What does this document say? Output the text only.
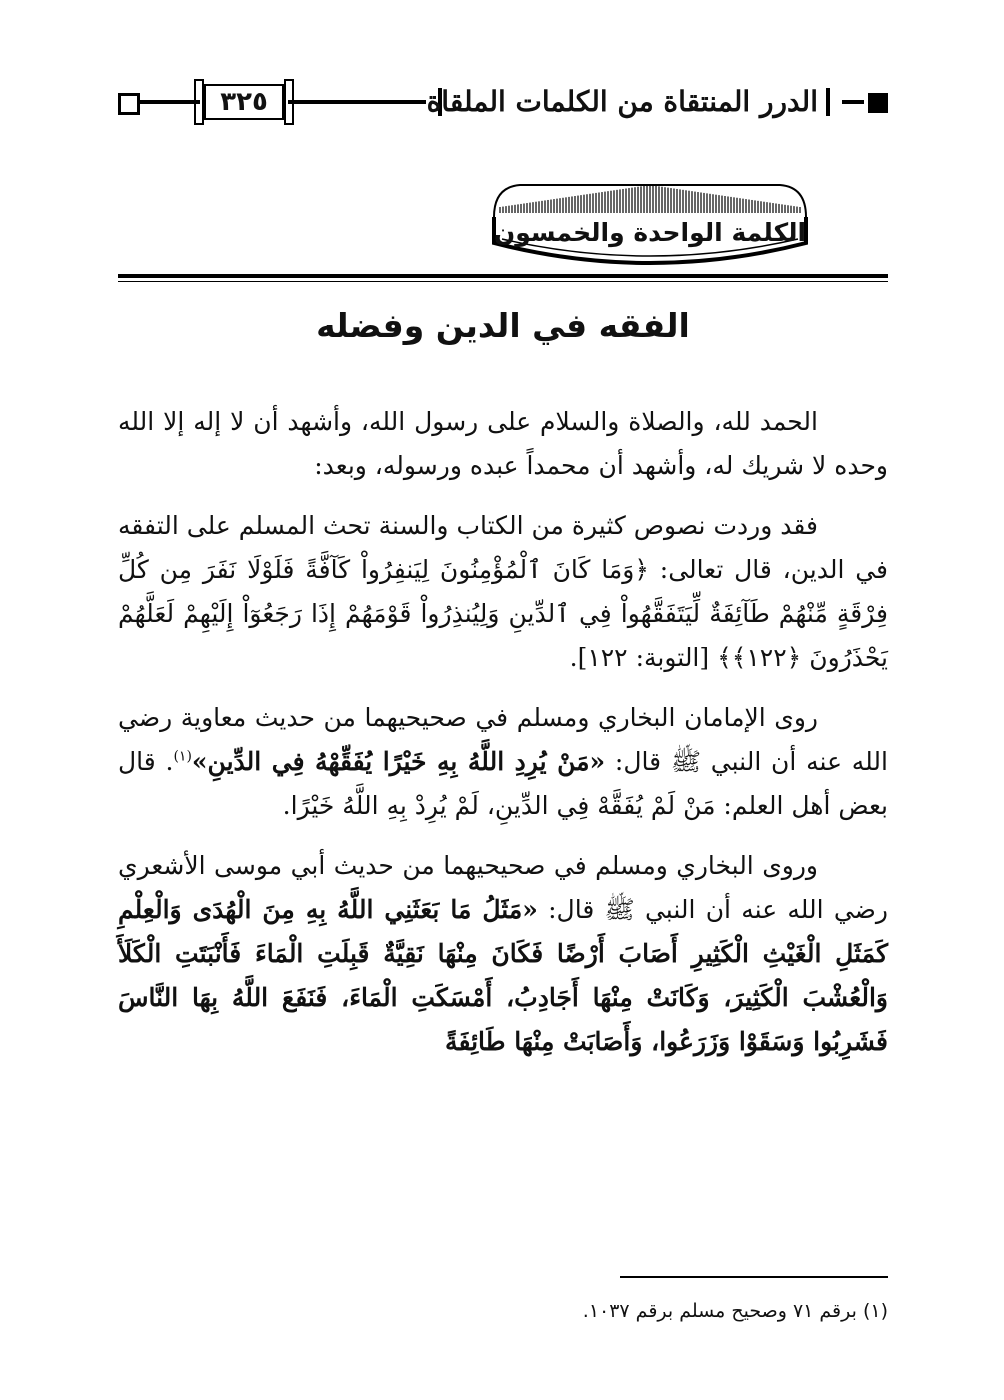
٣٢٥	الدرر المنتقاة من الكلمات الملقاة
الكلمة الواحدة والخمسون
الفقه في الدين وفضله

الحمد لله، والصلاة والسلام على رسول الله، وأشهد أن لا إله إلا الله وحده لا شريك له، وأشهد أن محمداً عبده ورسوله، وبعد:

فقد وردت نصوص كثيرة من الكتاب والسنة تحث المسلم على التفقه في الدين، قال تعالى: ﴿وَمَا كَانَ ٱلْمُؤْمِنُونَ لِيَنفِرُواْ كَآفَّةً فَلَوْلَا نَفَرَ مِن كُلِّ فِرْقَةٍ مِّنْهُمْ طَآئِفَةٌ لِّيَتَفَقَّهُواْ فِي ٱلدِّينِ وَلِيُنذِرُواْ قَوْمَهُمْ إِذَا رَجَعُوٓاْ إِلَيْهِمْ لَعَلَّهُمْ يَحْذَرُونَ ﴿١٢٢﴾﴾ [التوبة: ١٢٢].

روى الإمامان البخاري ومسلم في صحيحيهما من حديث معاوية رضي الله عنه أن النبي ﷺ قال: «مَنْ يُرِدِ اللَّهُ بِهِ خَيْرًا يُفَقِّهْهُ فِي الدِّينِ»$^{(١)}$. قال بعض أهل العلم: مَنْ لَمْ يُفَقَّهْ فِي الدِّينِ، لَمْ يُرِدْ بِهِ اللَّهُ خَيْرًا.

وروى البخاري ومسلم في صحيحيهما من حديث أبي موسى الأشعري رضي الله عنه أن النبي ﷺ قال: «مَثَلُ مَا بَعَثَنِي اللَّهُ بِهِ مِنَ الْهُدَى وَالْعِلْمِ كَمَثَلِ الْغَيْثِ الْكَثِيرِ أَصَابَ أَرْضًا فَكَانَ مِنْهَا نَقِيَّةٌ قَبِلَتِ الْمَاءَ فَأَنْبَتَتِ الْكَلَأَ وَالْعُشْبَ الْكَثِيرَ، وَكَانَتْ مِنْهَا أَجَادِبُ، أَمْسَكَتِ الْمَاءَ، فَنَفَعَ اللَّهُ بِهَا النَّاسَ فَشَرِبُوا وَسَقَوْا وَزَرَعُوا، وَأَصَابَتْ مِنْهَا طَائِفَةً

(١) برقم ٧١ وصحيح مسلم برقم ١٠٣٧.
